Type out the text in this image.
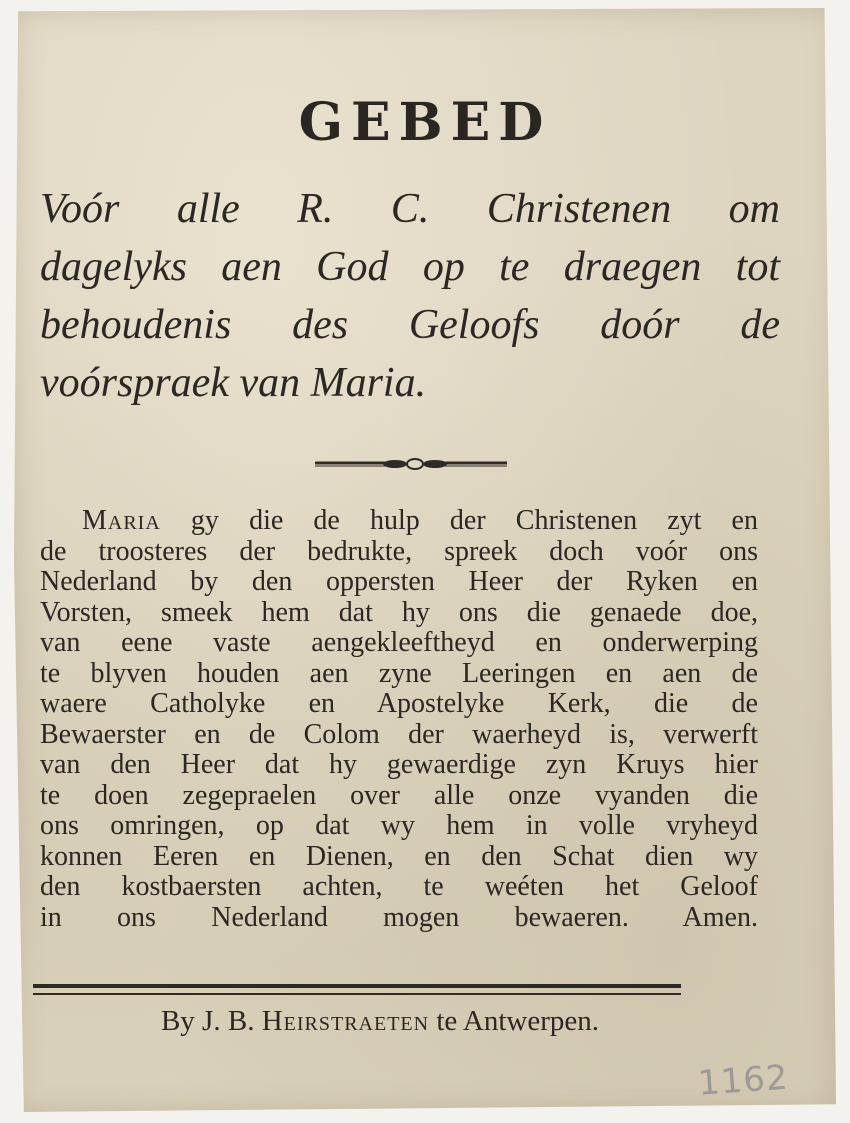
GEBED
Voór alle R. C. Christenen om
dagelyks aen God op te draegen tot
behoudenis des Geloofs doór de
voórspraek van Maria.
Maria gy die de hulp der Christenen zyt en
de troosteres der bedrukte, spreek doch voór ons
Nederland by den oppersten Heer der Ryken en
Vorsten, smeek hem dat hy ons die genaede doe,
van eene vaste aengekleeftheyd en onderwerping
te blyven houden aen zyne Leeringen en aen de
waere Catholyke en Apostelyke Kerk, die de
Bewaerster en de Colom der waerheyd is, verwerft
van den Heer dat hy gewaerdige zyn Kruys hier
te doen zegepraelen over alle onze vyanden die
ons omringen, op dat wy hem in volle vryheyd
konnen Eeren en Dienen, en den Schat dien wy
den kostbaersten achten, te weéten het Geloof
in ons Nederland mogen bewaeren. Amen.
By J. B. Heirstraeten te Antwerpen.
1162
